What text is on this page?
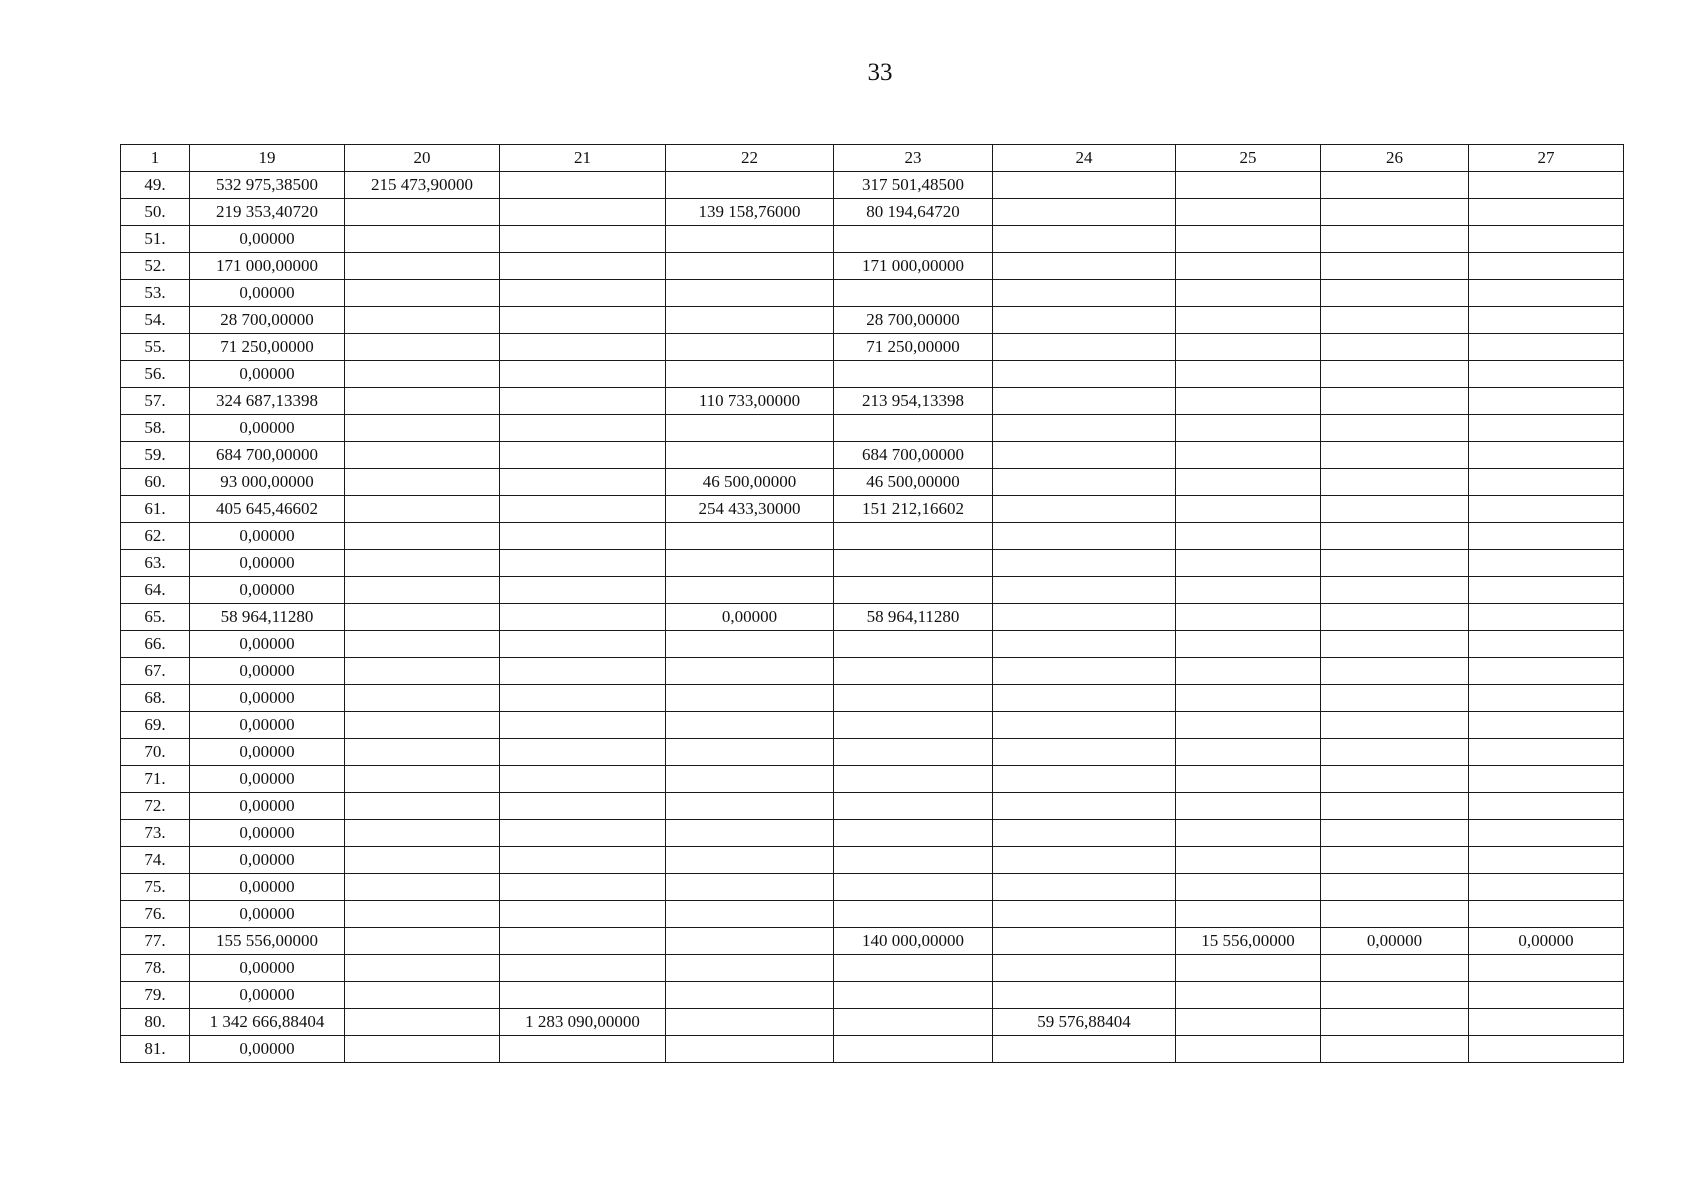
33
1	19	20	21	22	23	24	25	26	27
49.	532 975,38500	215 473,90000			317 501,48500				
50.	219 353,40720			139 158,76000	80 194,64720				
51.	0,00000								
52.	171 000,00000				171 000,00000				
53.	0,00000								
54.	28 700,00000				28 700,00000				
55.	71 250,00000				71 250,00000				
56.	0,00000								
57.	324 687,13398			110 733,00000	213 954,13398				
58.	0,00000								
59.	684 700,00000				684 700,00000				
60.	93 000,00000			46 500,00000	46 500,00000				
61.	405 645,46602			254 433,30000	151 212,16602				
62.	0,00000								
63.	0,00000								
64.	0,00000								
65.	58 964,11280			0,00000	58 964,11280				
66.	0,00000								
67.	0,00000								
68.	0,00000								
69.	0,00000								
70.	0,00000								
71.	0,00000								
72.	0,00000								
73.	0,00000								
74.	0,00000								
75.	0,00000								
76.	0,00000								
77.	155 556,00000				140 000,00000		15 556,00000	0,00000	0,00000
78.	0,00000								
79.	0,00000								
80.	1 342 666,88404		1 283 090,00000			59 576,88404			
81.	0,00000								
